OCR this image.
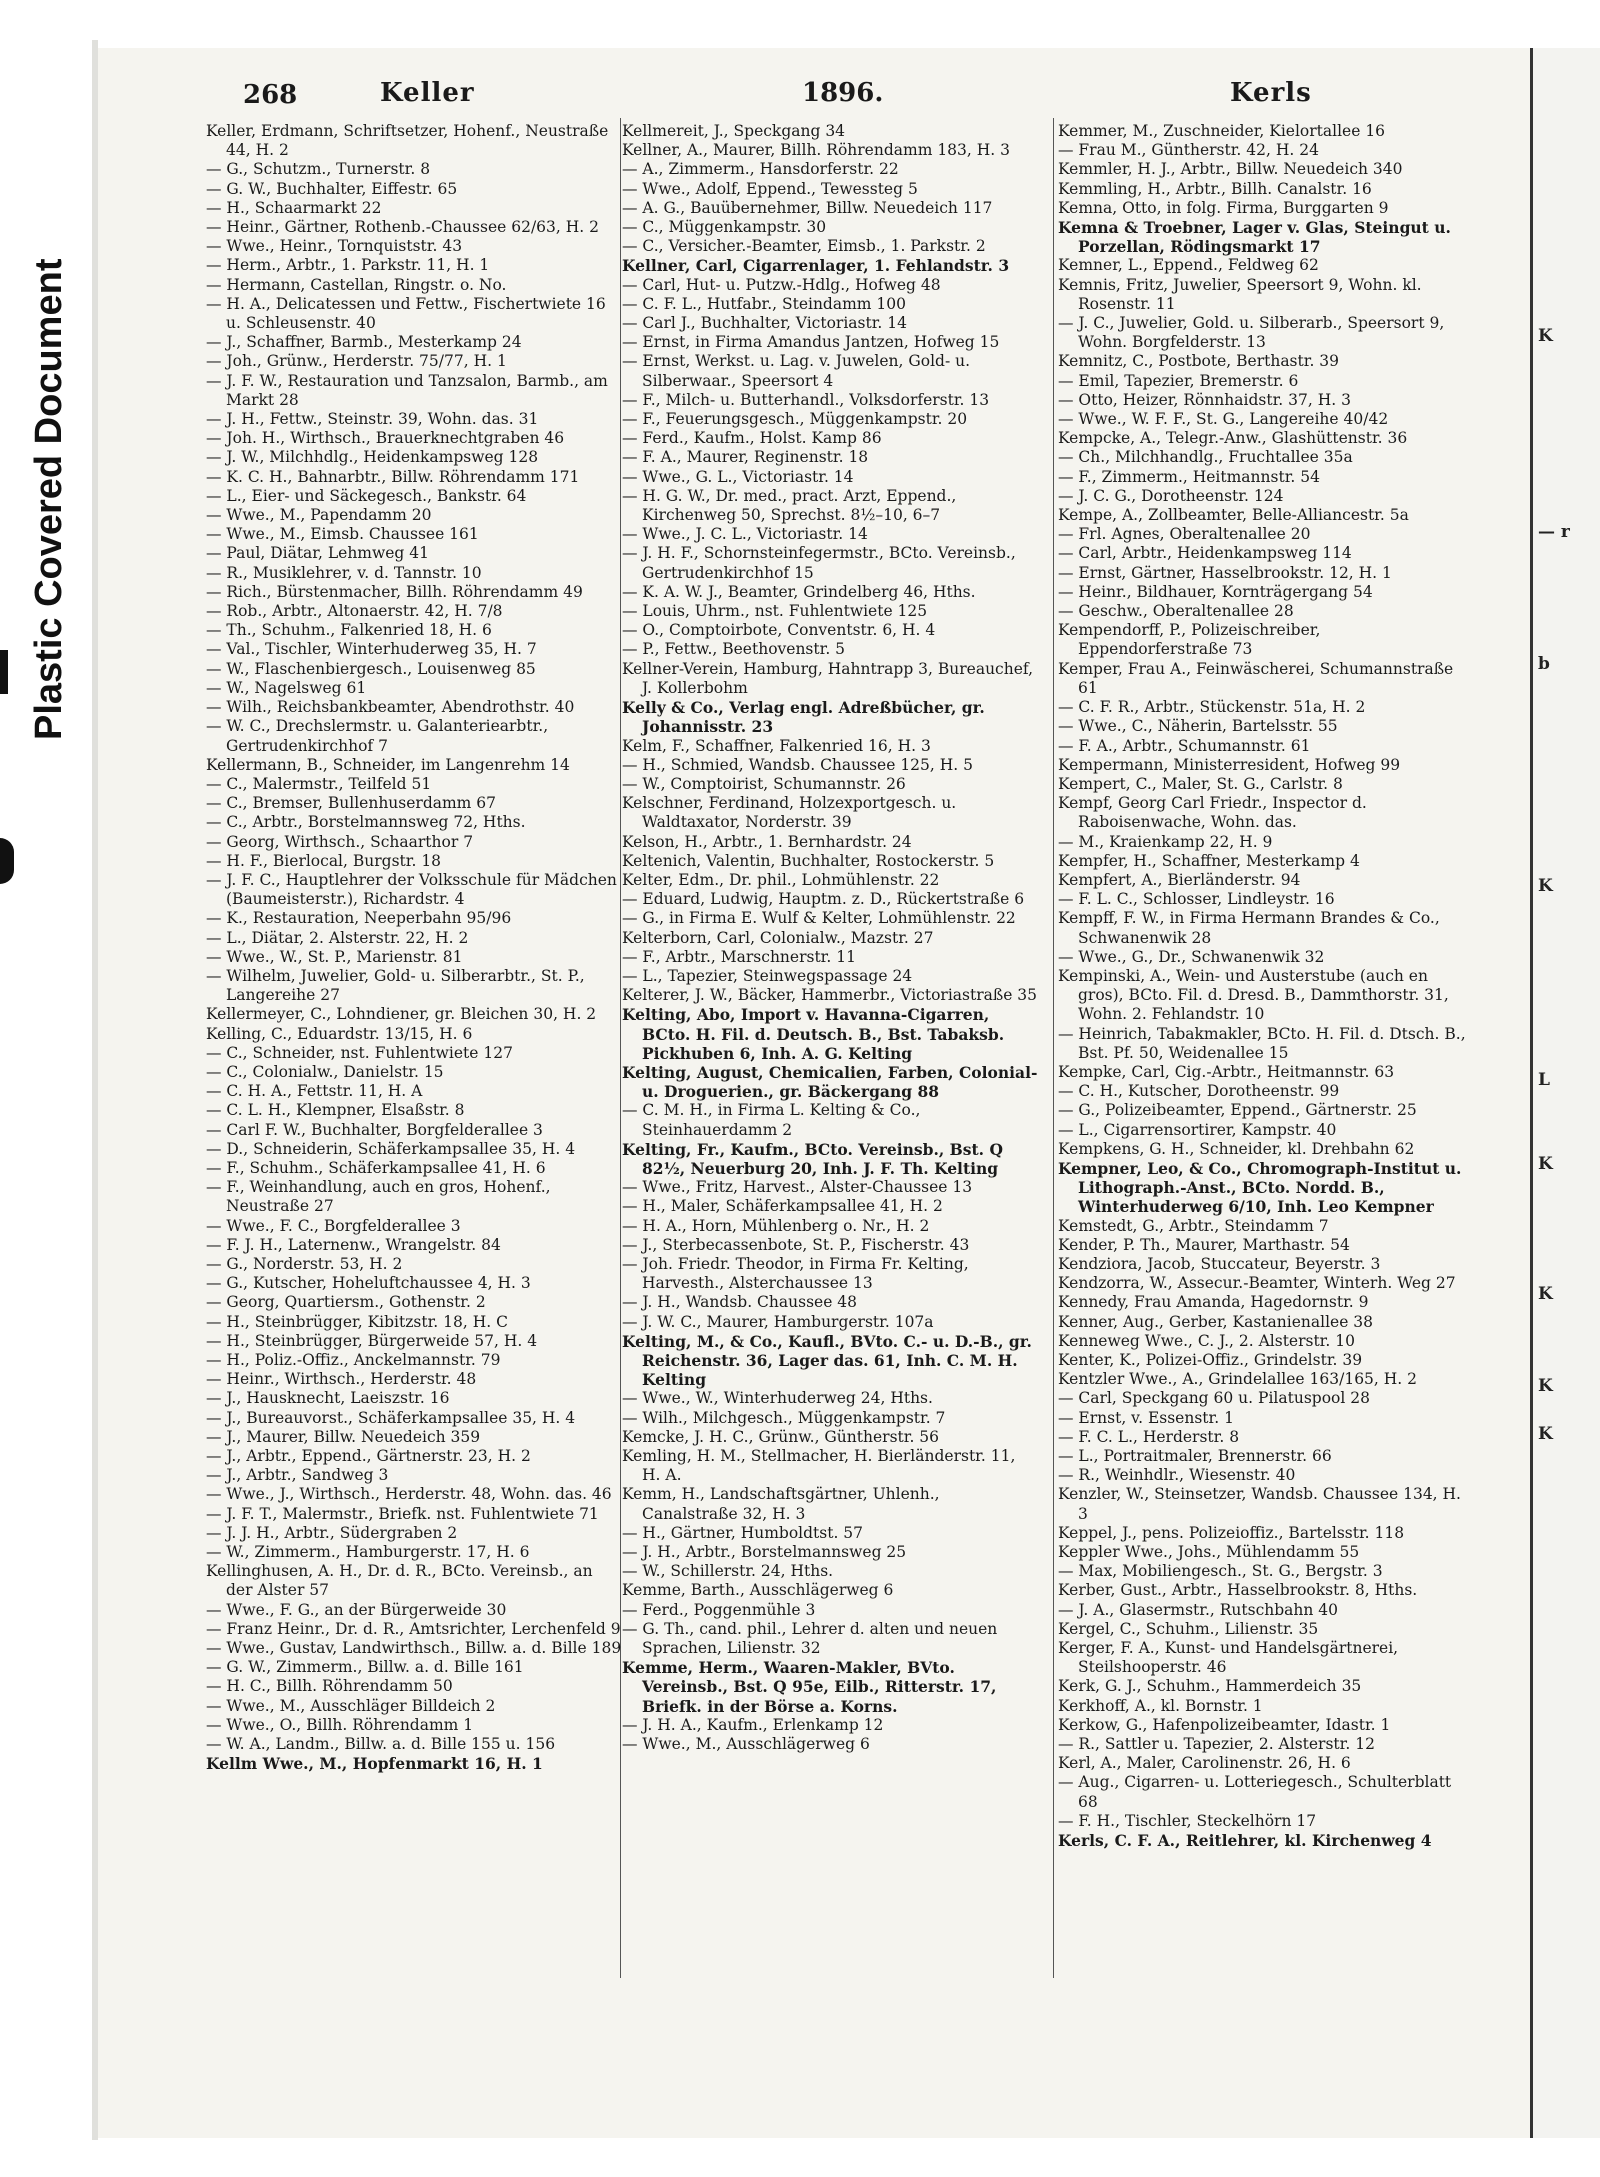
Plastic Covered Document
268	Keller	1896.	Kerls

Keller, Erdmann, Schriftsetzer, Hohenf., Neustraße 44, H. 2

— G., Schutzm., Turnerstr. 8

— G. W., Buchhalter, Eiffestr. 65

— H., Schaarmarkt 22

— Heinr., Gärtner, Rothenb.-Chaussee 62/63, H. 2

— Wwe., Heinr., Tornquiststr. 43

— Herm., Arbtr., 1. Parkstr. 11, H. 1

— Hermann, Castellan, Ringstr. o. No.

— H. A., Delicatessen und Fettw., Fischertwiete 16 u. Schleusenstr. 40

— J., Schaffner, Barmb., Mesterkamp 24

— Joh., Grünw., Herderstr. 75/77, H. 1

— J. F. W., Restauration und Tanzsalon, Barmb., am Markt 28

— J. H., Fettw., Steinstr. 39, Wohn. das. 31

— Joh. H., Wirthsch., Brauerknechtgraben 46

— J. W., Milchhdlg., Heidenkampsweg 128

— K. C. H., Bahnarbtr., Billw. Röhrendamm 171

— L., Eier- und Säckegesch., Bankstr. 64

— Wwe., M., Papendamm 20

— Wwe., M., Eimsb. Chaussee 161

— Paul, Diätar, Lehmweg 41

— R., Musiklehrer, v. d. Tannstr. 10

— Rich., Bürstenmacher, Billh. Röhrendamm 49

— Rob., Arbtr., Altonaerstr. 42, H. 7/8

— Th., Schuhm., Falkenried 18, H. 6

— Val., Tischler, Winterhuderweg 35, H. 7

— W., Flaschenbiergesch., Louisenweg 85

— W., Nagelsweg 61

— Wilh., Reichsbankbeamter, Abendrothstr. 40

— W. C., Drechslermstr. u. Galanteriearbtr., Gertrudenkirchhof 7

Kellermann, B., Schneider, im Langenrehm 14

— C., Malermstr., Teilfeld 51

— C., Bremser, Bullenhuserdamm 67

— C., Arbtr., Borstelmannsweg 72, Hths.

— Georg, Wirthsch., Schaarthor 7

— H. F., Bierlocal, Burgstr. 18

— J. F. C., Hauptlehrer der Volksschule für Mädchen (Baumeisterstr.), Richardstr. 4

— K., Restauration, Neeperbahn 95/96

— L., Diätar, 2. Alsterstr. 22, H. 2

— Wwe., W., St. P., Marienstr. 81

— Wilhelm, Juwelier, Gold- u. Silberarbtr., St. P., Langereihe 27

Kellermeyer, C., Lohndiener, gr. Bleichen 30, H. 2

Kelling, C., Eduardstr. 13/15, H. 6

— C., Schneider, nst. Fuhlentwiete 127

— C., Colonialw., Danielstr. 15

— C. H. A., Fettstr. 11, H. A

— C. L. H., Klempner, Elsaßstr. 8

— Carl F. W., Buchhalter, Borgfelderallee 3

— D., Schneiderin, Schäferkampsallee 35, H. 4

— F., Schuhm., Schäferkampsallee 41, H. 6

— F., Weinhandlung, auch en gros, Hohenf., Neustraße 27

— Wwe., F. C., Borgfelderallee 3

— F. J. H., Laternenw., Wrangelstr. 84

— G., Norderstr. 53, H. 2

— G., Kutscher, Hoheluftchaussee 4, H. 3

— Georg, Quartiersm., Gothenstr. 2

— H., Steinbrügger, Kibitzstr. 18, H. C

— H., Steinbrügger, Bürgerweide 57, H. 4

— H., Poliz.-Offiz., Anckelmannstr. 79

— Heinr., Wirthsch., Herderstr. 48

— J., Hausknecht, Laeiszstr. 16

— J., Bureauvorst., Schäferkampsallee 35, H. 4

— J., Maurer, Billw. Neuedeich 359

— J., Arbtr., Eppend., Gärtnerstr. 23, H. 2

— J., Arbtr., Sandweg 3

— Wwe., J., Wirthsch., Herderstr. 48, Wohn. das. 46

— J. F. T., Malermstr., Briefk. nst. Fuhlentwiete 71

— J. J. H., Arbtr., Südergraben 2

— W., Zimmerm., Hamburgerstr. 17, H. 6

Kellinghusen, A. H., Dr. d. R., BCto. Vereinsb., an der Alster 57

— Wwe., F. G., an der Bürgerweide 30

— Franz Heinr., Dr. d. R., Amtsrichter, Lerchenfeld 9

— Wwe., Gustav, Landwirthsch., Billw. a. d. Bille 189

— G. W., Zimmerm., Billw. a. d. Bille 161

— H. C., Billh. Röhrendamm 50

— Wwe., M., Ausschläger Billdeich 2

— Wwe., O., Billh. Röhrendamm 1

— W. A., Landm., Billw. a. d. Bille 155 u. 156

Kellm Wwe., M., Hopfenmarkt 16, H. 1

Kellmereit, J., Speckgang 34

Kellner, A., Maurer, Billh. Röhrendamm 183, H. 3

— A., Zimmerm., Hansdorferstr. 22

— Wwe., Adolf, Eppend., Tewessteg 5

— A. G., Bauübernehmer, Billw. Neuedeich 117

— C., Müggenkampstr. 30

— C., Versicher.-Beamter, Eimsb., 1. Parkstr. 2

Kellner, Carl, Cigarrenlager, 1. Fehlandstr. 3

— Carl, Hut- u. Putzw.-Hdlg., Hofweg 48

— C. F. L., Hutfabr., Steindamm 100

— Carl J., Buchhalter, Victoriastr. 14

— Ernst, in Firma Amandus Jantzen, Hofweg 15

— Ernst, Werkst. u. Lag. v. Juwelen, Gold- u. Silberwaar., Speersort 4

— F., Milch- u. Butterhandl., Volksdorferstr. 13

— F., Feuerungsgesch., Müggenkampstr. 20

— Ferd., Kaufm., Holst. Kamp 86

— F. A., Maurer, Reginenstr. 18

— Wwe., G. L., Victoriastr. 14

— H. G. W., Dr. med., pract. Arzt, Eppend., Kirchenweg 50, Sprechst. 8½–10, 6–7

— Wwe., J. C. L., Victoriastr. 14

— J. H. F., Schornsteinfegermstr., BCto. Vereinsb., Gertrudenkirchhof 15

— K. A. W. J., Beamter, Grindelberg 46, Hths.

— Louis, Uhrm., nst. Fuhlentwiete 125

— O., Comptoirbote, Conventstr. 6, H. 4

— P., Fettw., Beethovenstr. 5

Kellner-Verein, Hamburg, Hahntrapp 3, Bureauchef, J. Kollerbohm

Kelly & Co., Verlag engl. Adreßbücher, gr. Johannisstr. 23

Kelm, F., Schaffner, Falkenried 16, H. 3

— H., Schmied, Wandsb. Chaussee 125, H. 5

— W., Comptoirist, Schumannstr. 26

Kelschner, Ferdinand, Holzexportgesch. u. Waldtaxator, Norderstr. 39

Kelson, H., Arbtr., 1. Bernhardstr. 24

Keltenich, Valentin, Buchhalter, Rostockerstr. 5

Kelter, Edm., Dr. phil., Lohmühlenstr. 22

— Eduard, Ludwig, Hauptm. z. D., Rückertstraße 6

— G., in Firma E. Wulf & Kelter, Lohmühlenstr. 22

Kelterborn, Carl, Colonialw., Mazstr. 27

— F., Arbtr., Marschnerstr. 11

— L., Tapezier, Steinwegspassage 24

Kelterer, J. W., Bäcker, Hammerbr., Victoriastraße 35

Kelting, Abo, Import v. Havanna-Cigarren, BCto. H. Fil. d. Deutsch. B., Bst. Tabaksb. Pickhuben 6, Inh. A. G. Kelting

Kelting, August, Chemicalien, Farben, Colonial- u. Droguerien., gr. Bäckergang 88

— C. M. H., in Firma L. Kelting & Co., Steinhauerdamm 2

Kelting, Fr., Kaufm., BCto. Vereinsb., Bst. Q 82½, Neuerburg 20, Inh. J. F. Th. Kelting

— Wwe., Fritz, Harvest., Alster-Chaussee 13

— H., Maler, Schäferkampsallee 41, H. 2

— H. A., Horn, Mühlenberg o. Nr., H. 2

— J., Sterbecassenbote, St. P., Fischerstr. 43

— Joh. Friedr. Theodor, in Firma Fr. Kelting, Harvesth., Alsterchaussee 13

— J. H., Wandsb. Chaussee 48

— J. W. C., Maurer, Hamburgerstr. 107a

Kelting, M., & Co., Kaufl., BVto. C.- u. D.-B., gr. Reichenstr. 36, Lager das. 61, Inh. C. M. H. Kelting

— Wwe., W., Winterhuderweg 24, Hths.

— Wilh., Milchgesch., Müggenkampstr. 7

Kemcke, J. H. C., Grünw., Güntherstr. 56

Kemling, H. M., Stellmacher, H. Bierländerstr. 11, H. A.

Kemm, H., Landschaftsgärtner, Uhlenh., Canalstraße 32, H. 3

— H., Gärtner, Humboldtst. 57

— J. H., Arbtr., Borstelmannsweg 25

— W., Schillerstr. 24, Hths.

Kemme, Barth., Ausschlägerweg 6

— Ferd., Poggenmühle 3

— G. Th., cand. phil., Lehrer d. alten und neuen Sprachen, Lilienstr. 32

Kemme, Herm., Waaren-Makler, BVto. Vereinsb., Bst. Q 95e, Eilb., Ritterstr. 17, Briefk. in der Börse a. Korns.

— J. H. A., Kaufm., Erlenkamp 12

— Wwe., M., Ausschlägerweg 6

Kemmer, M., Zuschneider, Kielortallee 16

— Frau M., Güntherstr. 42, H. 24

Kemmler, H. J., Arbtr., Billw. Neuedeich 340

Kemmling, H., Arbtr., Billh. Canalstr. 16

Kemna, Otto, in folg. Firma, Burggarten 9

Kemna & Troebner, Lager v. Glas, Steingut u. Porzellan, Rödingsmarkt 17

Kemner, L., Eppend., Feldweg 62

Kemnis, Fritz, Juwelier, Speersort 9, Wohn. kl. Rosenstr. 11

— J. C., Juwelier, Gold. u. Silberarb., Speersort 9, Wohn. Borgfelderstr. 13

Kemnitz, C., Postbote, Berthastr. 39

— Emil, Tapezier, Bremerstr. 6

— Otto, Heizer, Rönnhaidstr. 37, H. 3

— Wwe., W. F. F., St. G., Langereihe 40/42

Kempcke, A., Telegr.-Anw., Glashüttenstr. 36

— Ch., Milchhandlg., Fruchtallee 35a

— F., Zimmerm., Heitmannstr. 54

— J. C. G., Dorotheenstr. 124

Kempe, A., Zollbeamter, Belle-Alliancestr. 5a

— Frl. Agnes, Oberaltenallee 20

— Carl, Arbtr., Heidenkampsweg 114

— Ernst, Gärtner, Hasselbrookstr. 12, H. 1

— Heinr., Bildhauer, Kornträgergang 54

— Geschw., Oberaltenallee 28

Kempendorff, P., Polizeischreiber, Eppendorferstraße 73

Kemper, Frau A., Feinwäscherei, Schumannstraße 61

— C. F. R., Arbtr., Stückenstr. 51a, H. 2

— Wwe., C., Näherin, Bartelsstr. 55

— F. A., Arbtr., Schumannstr. 61

Kempermann, Ministerresident, Hofweg 99

Kempert, C., Maler, St. G., Carlstr. 8

Kempf, Georg Carl Friedr., Inspector d. Raboisenwache, Wohn. das.

— M., Kraienkamp 22, H. 9

Kempfer, H., Schaffner, Mesterkamp 4

Kempfert, A., Bierländerstr. 94

— F. L. C., Schlosser, Lindleystr. 16

Kempff, F. W., in Firma Hermann Brandes & Co., Schwanenwik 28

— Wwe., G., Dr., Schwanenwik 32

Kempinski, A., Wein- und Austerstube (auch en gros), BCto. Fil. d. Dresd. B., Dammthorstr. 31, Wohn. 2. Fehlandstr. 10

— Heinrich, Tabakmakler, BCto. H. Fil. d. Dtsch. B., Bst. Pf. 50, Weidenallee 15

Kempke, Carl, Cig.-Arbtr., Heitmannstr. 63

— C. H., Kutscher, Dorotheenstr. 99

— G., Polizeibeamter, Eppend., Gärtnerstr. 25

— L., Cigarrensortirer, Kampstr. 40

Kempkens, G. H., Schneider, kl. Drehbahn 62

Kempner, Leo, & Co., Chromograph-Institut u. Lithograph.-Anst., BCto. Nordd. B., Winterhuderweg 6/10, Inh. Leo Kempner

Kemstedt, G., Arbtr., Steindamm 7

Kender, P. Th., Maurer, Marthastr. 54

Kendziora, Jacob, Stuccateur, Beyerstr. 3

Kendzorra, W., Assecur.-Beamter, Winterh. Weg 27

Kennedy, Frau Amanda, Hagedornstr. 9

Kenner, Aug., Gerber, Kastanienallee 38

Kenneweg Wwe., C. J., 2. Alsterstr. 10

Kenter, K., Polizei-Offiz., Grindelstr. 39

Kentzler Wwe., A., Grindelallee 163/165, H. 2

— Carl, Speckgang 60 u. Pilatuspool 28

— Ernst, v. Essenstr. 1

— F. C. L., Herderstr. 8

— L., Portraitmaler, Brennerstr. 66

— R., Weinhdlr., Wiesenstr. 40

Kenzler, W., Steinsetzer, Wandsb. Chaussee 134, H. 3

Keppel, J., pens. Polizeioffiz., Bartelsstr. 118

Keppler Wwe., Johs., Mühlendamm 55

— Max, Mobiliengesch., St. G., Bergstr. 3

Kerber, Gust., Arbtr., Hasselbrookstr. 8, Hths.

— J. A., Glasermstr., Rutschbahn 40

Kergel, C., Schuhm., Lilienstr. 35

Kerger, F. A., Kunst- und Handelsgärtnerei, Steilshooperstr. 46

Kerk, G. J., Schuhm., Hammerdeich 35

Kerkhoff, A., kl. Bornstr. 1

Kerkow, G., Hafenpolizeibeamter, Idastr. 1

— R., Sattler u. Tapezier, 2. Alsterstr. 12

Kerl, A., Maler, Carolinenstr. 26, H. 6

— Aug., Cigarren- u. Lotteriegesch., Schulterblatt 68

— F. H., Tischler, Steckelhörn 17

Kerls, C. F. A., Reitlehrer, kl. Kirchenweg 4

K
— r
b
K
L
K
K
K
K
